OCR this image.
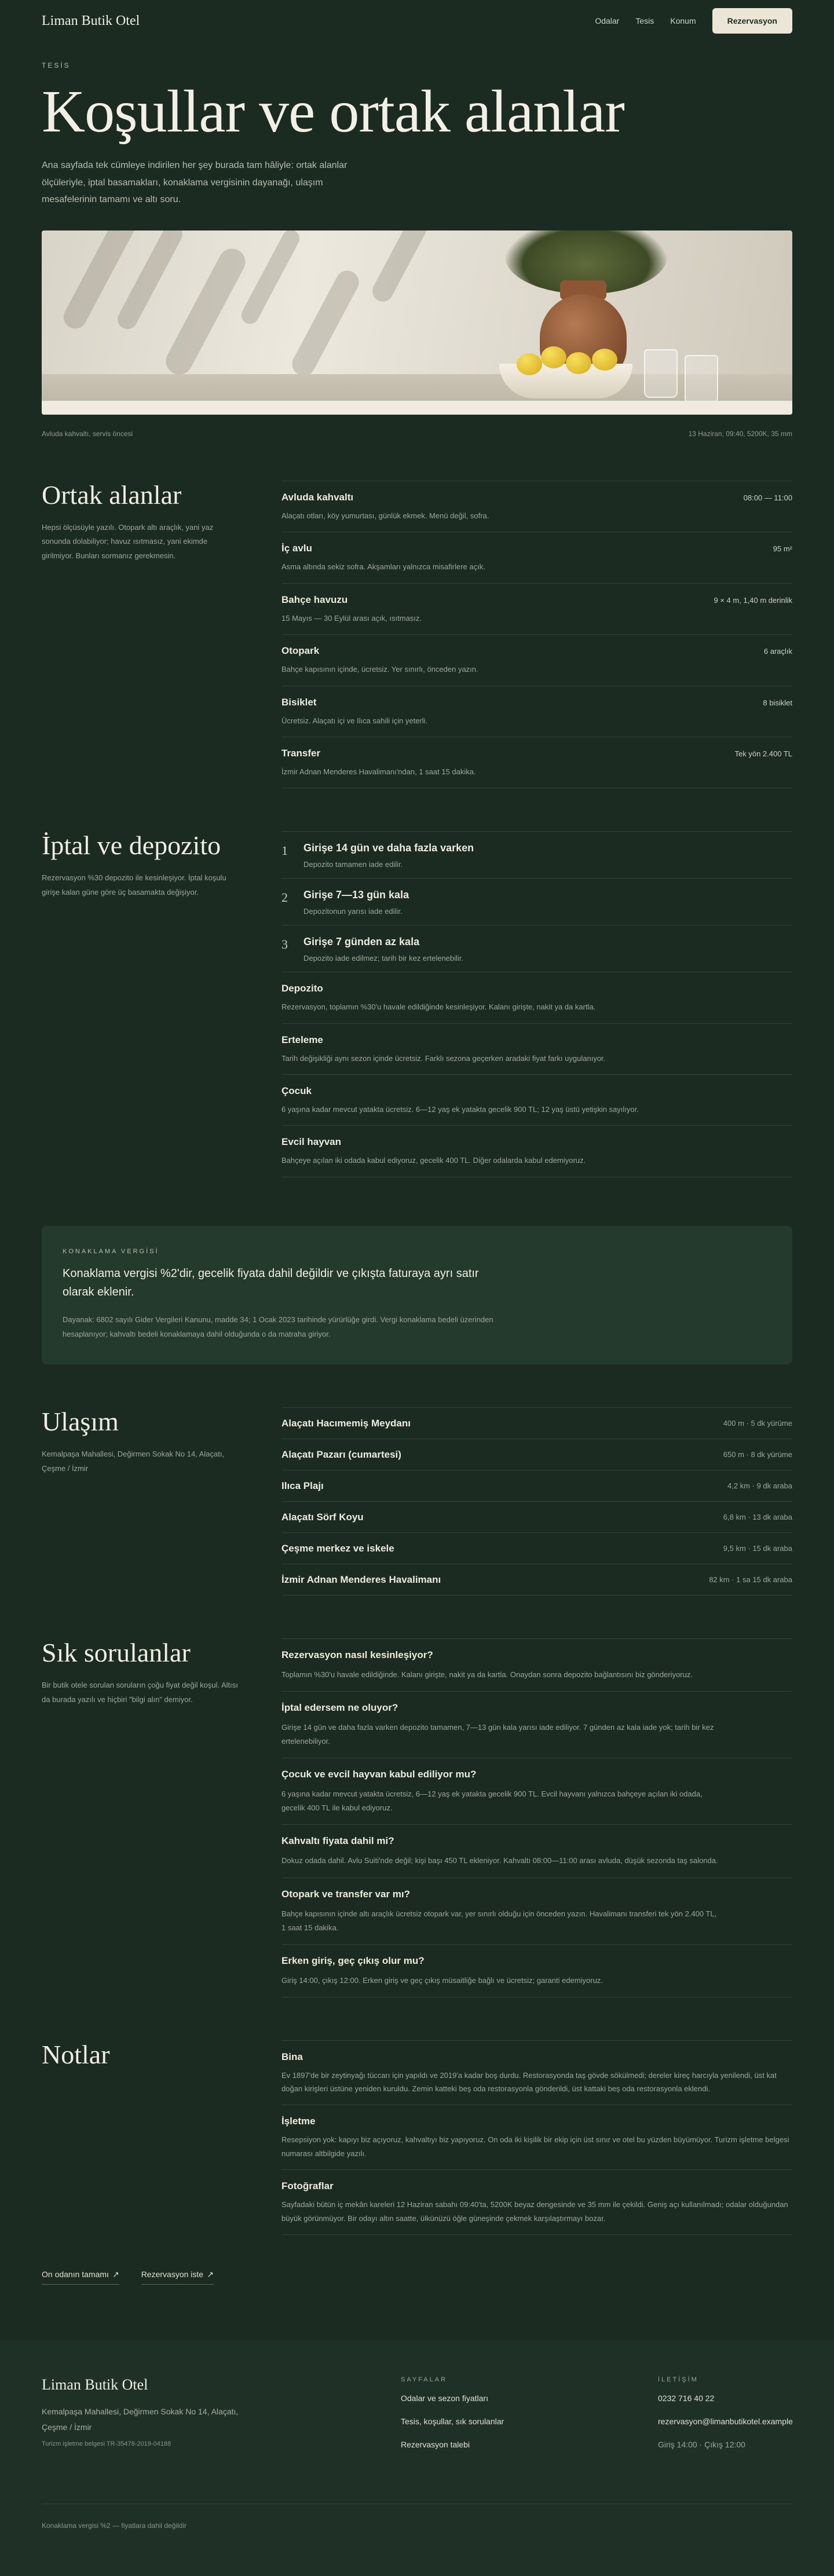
Liman Butik Otel	Odalar Tesis Konum	Rezervasyon
TESİS
Koşullar ve ortak alanlar

Ana sayfada tek cümleye indirilen her şey burada tam hâliyle: ortak alanlar ölçüleriyle, iptal basamakları, konaklama vergisinin dayanağı, ulaşım mesafelerinin tamamı ve altı soru.

Avluda kahvaltı, servis öncesi	13 Haziran, 09:40, 5200K, 35 mm
Ortak alanlar

Hepsi ölçüsüyle yazılı. Otopark altı araçlık, yani yaz sonunda dolabiliyor; havuz ısıtmasız, yani ekimde girilmiyor. Bunları sormanız gerekmesin.

Avluda kahvaltı	08:00 — 11:00

Alaçatı otları, köy yumurtası, günlük ekmek. Menü değil, sofra.

İç avlu	95 m²

Asma altında sekiz sofra. Akşamları yalnızca misafirlere açık.

Bahçe havuzu	9 × 4 m, 1,40 m derinlik

15 Mayıs — 30 Eylül arası açık, ısıtmasız.

Otopark	6 araçlık

Bahçe kapısının içinde, ücretsiz. Yer sınırlı, önceden yazın.

Bisiklet	8 bisiklet

Ücretsiz. Alaçatı içi ve Ilıca sahili için yeterli.

Transfer	Tek yön 2.400 TL

İzmir Adnan Menderes Havalimanı'ndan, 1 saat 15 dakika.

İptal ve depozito

Rezervasyon %30 depozito ile kesinleşiyor. İptal koşulu girişe kalan güne göre üç basamakta değişiyor.

1	Girişe 14 gün ve daha fazla varken

Depozito tamamen iade edilir.

2	Girişe 7—13 gün kala

Depozitonun yarısı iade edilir.

3	Girişe 7 günden az kala

Depozito iade edilmez; tarih bir kez ertelenebilir.

Depozito

Rezervasyon, toplamın %30'u havale edildiğinde kesinleşiyor. Kalanı girişte, nakit ya da kartla.

Erteleme

Tarih değişikliği aynı sezon içinde ücretsiz. Farklı sezona geçerken aradaki fiyat farkı uygulanıyor.

Çocuk

6 yaşına kadar mevcut yatakta ücretsiz. 6—12 yaş ek yatakta gecelik 900 TL; 12 yaş üstü yetişkin sayılıyor.

Evcil hayvan

Bahçeye açılan iki odada kabul ediyoruz, gecelik 400 TL. Diğer odalarda kabul edemiyoruz.

KONAKLAMA VERGİSİ

Konaklama vergisi %2'dir, gecelik fiyata dahil değildir ve çıkışta faturaya ayrı satır olarak eklenir.

Dayanak: 6802 sayılı Gider Vergileri Kanunu, madde 34; 1 Ocak 2023 tarihinde yürürlüğe girdi. Vergi konaklama bedeli üzerinden hesaplanıyor; kahvaltı bedeli konaklamaya dahil olduğunda o da matraha giriyor.

Ulaşım

Kemalpaşa Mahallesi, Değirmen Sokak No 14, Alaçatı, Çeşme / İzmir

Alaçatı Hacımemiş Meydanı	400 m · 5 dk yürüme
Alaçatı Pazarı (cumartesi)	650 m · 8 dk yürüme
Ilıca Plajı	4,2 km · 9 dk araba
Alaçatı Sörf Koyu	6,8 km · 13 dk araba
Çeşme merkez ve iskele	9,5 km · 15 dk araba
İzmir Adnan Menderes Havalimanı	82 km · 1 sa 15 dk araba
Sık sorulanlar

Bir butik otele sorulan soruların çoğu fiyat değil koşul. Altısı da burada yazılı ve hiçbiri "bilgi alın" demiyor.

Rezervasyon nasıl kesinleşiyor?

Toplamın %30'u havale edildiğinde. Kalanı girişte, nakit ya da kartla. Onaydan sonra depozito bağlantısını biz gönderiyoruz.

İptal edersem ne oluyor?

Girişe 14 gün ve daha fazla varken depozito tamamen, 7—13 gün kala yarısı iade ediliyor. 7 günden az kala iade yok; tarih bir kez ertelenebiliyor.

Çocuk ve evcil hayvan kabul ediliyor mu?

6 yaşına kadar mevcut yatakta ücretsiz, 6—12 yaş ek yatakta gecelik 900 TL. Evcil hayvanı yalnızca bahçeye açılan iki odada, gecelik 400 TL ile kabul ediyoruz.

Kahvaltı fiyata dahil mi?

Dokuz odada dahil. Avlu Suiti'nde değil; kişi başı 450 TL ekleniyor. Kahvaltı 08:00—11:00 arası avluda, düşük sezonda taş salonda.

Otopark ve transfer var mı?

Bahçe kapısının içinde altı araçlık ücretsiz otopark var, yer sınırlı olduğu için önceden yazın. Havalimanı transferi tek yön 2.400 TL, 1 saat 15 dakika.

Erken giriş, geç çıkış olur mu?

Giriş 14:00, çıkış 12:00. Erken giriş ve geç çıkış müsaitliğe bağlı ve ücretsiz; garanti edemiyoruz.

Notlar	Bina

Ev 1897'de bir zeytinyağı tüccarı için yapıldı ve 2019'a kadar boş durdu. Restorasyonda taş gövde sökülmedi; dereler kireç harcıyla yenilendi, üst kat doğan kirişleri üstüne yeniden kuruldu. Zemin katteki beş oda restorasyonla gönderildi, üst kattaki beş oda restorasyonla eklendi.

İşletme

Resepsiyon yok: kapıyı biz açıyoruz, kahvaltıyı biz yapıyoruz. On oda iki kişilik bir ekip için üst sınır ve otel bu yüzden büyümüyor. Turizm işletme belgesi numarası altbilgide yazılı.

Fotoğraflar

Sayfadaki bütün iç mekân kareleri 12 Haziran sabahı 09:40'ta, 5200K beyaz dengesinde ve 35 mm ile çekildi. Geniş açı kullanılmadı; odalar olduğundan büyük görünmüyor. Bir odayı altın saatte, ülkünüzü öğle güneşinde çekmek karşılaştırmayı bozar.

On odanın tamamı ↗	Rezervasyon iste ↗
Liman Butik Otel

Kemalpaşa Mahallesi, Değirmen Sokak No 14, Alaçatı, Çeşme / İzmir

Turizm işletme belgesi TR-35478-2019-04188

SAYFALAR
Odalar ve sezon fiyatları
Tesis, koşullar, sık sorulanlar
Rezervasyon talebi
İLETİŞİM
0232 716 40 22
rezervasyon@limanbutikotel.example
Giriş 14:00 · Çıkış 12:00
Konaklama vergisi %2 — fiyatlara dahil değildir
